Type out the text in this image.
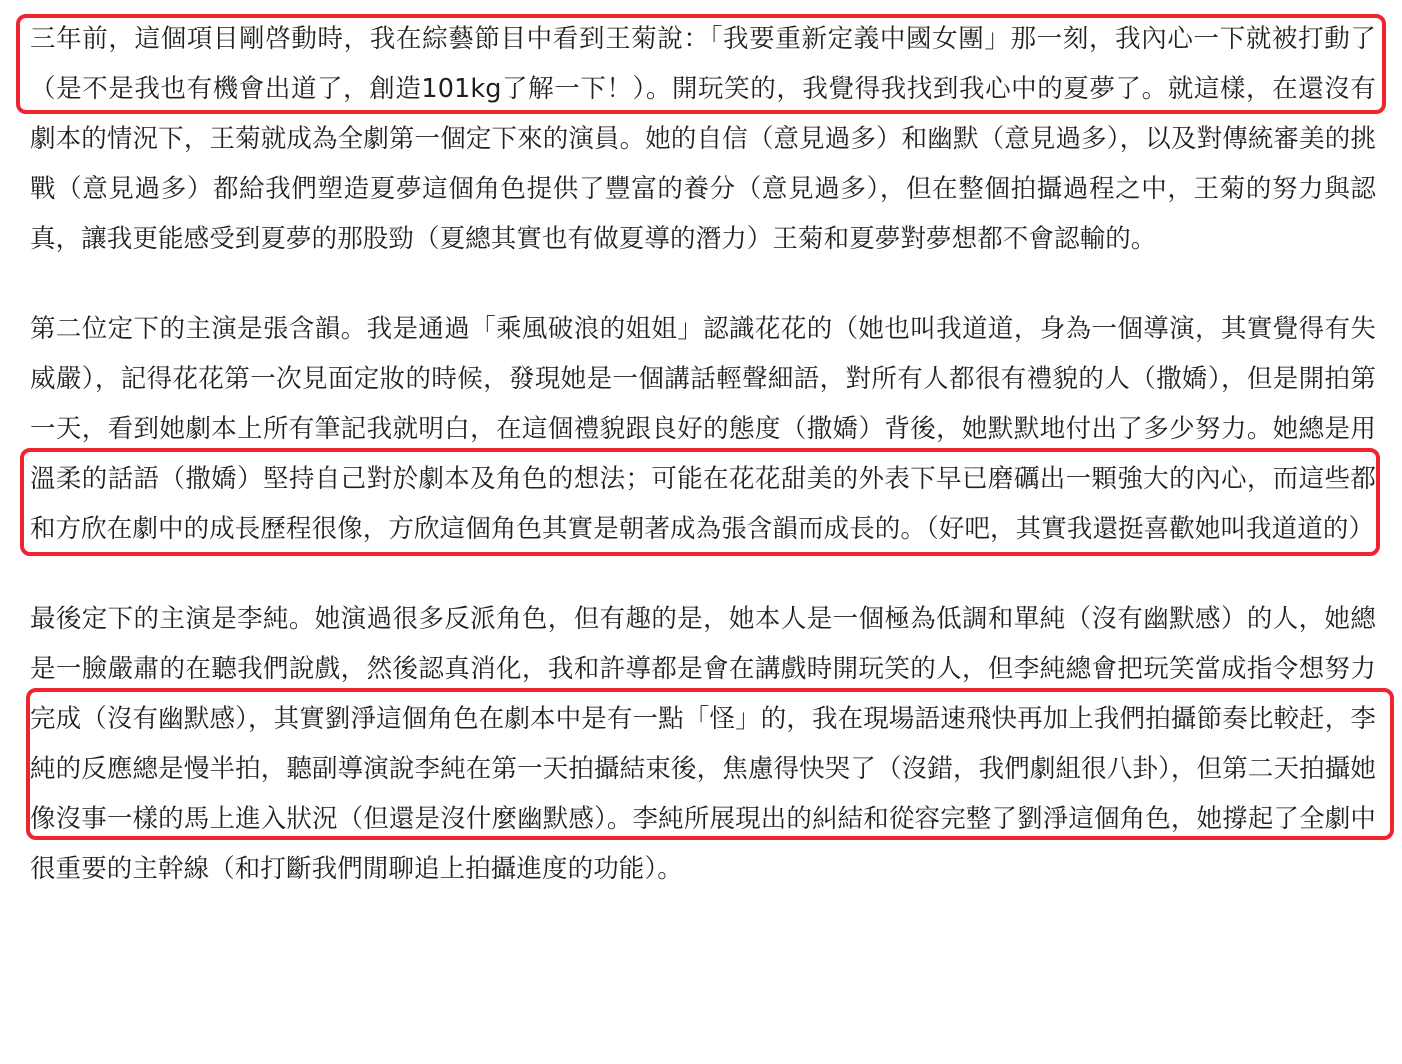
三年前，這個項目剛啓動時，我在綜藝節目中看到王菊說：「我要重新定義中國女團」那一刻，我內心一下就被打動了（是不是我也有機會出道了，創造101kg了解一下！）。開玩笑的，我覺得我找到我心中的夏夢了。就這樣，在還沒有劇本的情況下，王菊就成為全劇第一個定下來的演員。她的自信（意見過多）和幽默（意見過多），以及對傳統審美的挑戰（意見過多）都給我們塑造夏夢這個角色提供了豐富的養分（意見過多），但在整個拍攝過程之中，王菊的努力與認真，讓我更能感受到夏夢的那股勁（夏總其實也有做夏導的潛力）王菊和夏夢對夢想都不會認輸的。

第二位定下的主演是張含韻。我是通過「乘風破浪的姐姐」認識花花的（她也叫我道道，身為一個導演，其實覺得有失威嚴），記得花花第一次見面定妝的時候，發現她是一個講話輕聲細語，對所有人都很有禮貌的人（撒嬌），但是開拍第一天，看到她劇本上所有筆記我就明白，在這個禮貌跟良好的態度（撒嬌）背後，她默默地付出了多少努力。她總是用溫柔的話語（撒嬌）堅持自己對於劇本及角色的想法；可能在花花甜美的外表下早已磨礪出一顆強大的內心，而這些都和方欣在劇中的成長歷程很像，方欣這個角色其實是朝著成為張含韻而成長的。（好吧，其實我還挺喜歡她叫我道道的）

最後定下的主演是李純。她演過很多反派角色，但有趣的是，她本人是一個極為低調和單純（沒有幽默感）的人，她總是一臉嚴肅的在聽我們說戲，然後認真消化，我和許導都是會在講戲時開玩笑的人，但李純總會把玩笑當成指令想努力完成（沒有幽默感），其實劉淨這個角色在劇本中是有一點「怪」的，我在現場語速飛快再加上我們拍攝節奏比較赶，李純的反應總是慢半拍，聽副導演說李純在第一天拍攝結束後，焦慮得快哭了（沒錯，我們劇組很八卦），但第二天拍攝她像沒事一樣的馬上進入狀況（但還是沒什麼幽默感）。李純所展現出的糾結和從容完整了劉淨這個角色，她撐起了全劇中很重要的主幹線（和打斷我們閒聊追上拍攝進度的功能）。
